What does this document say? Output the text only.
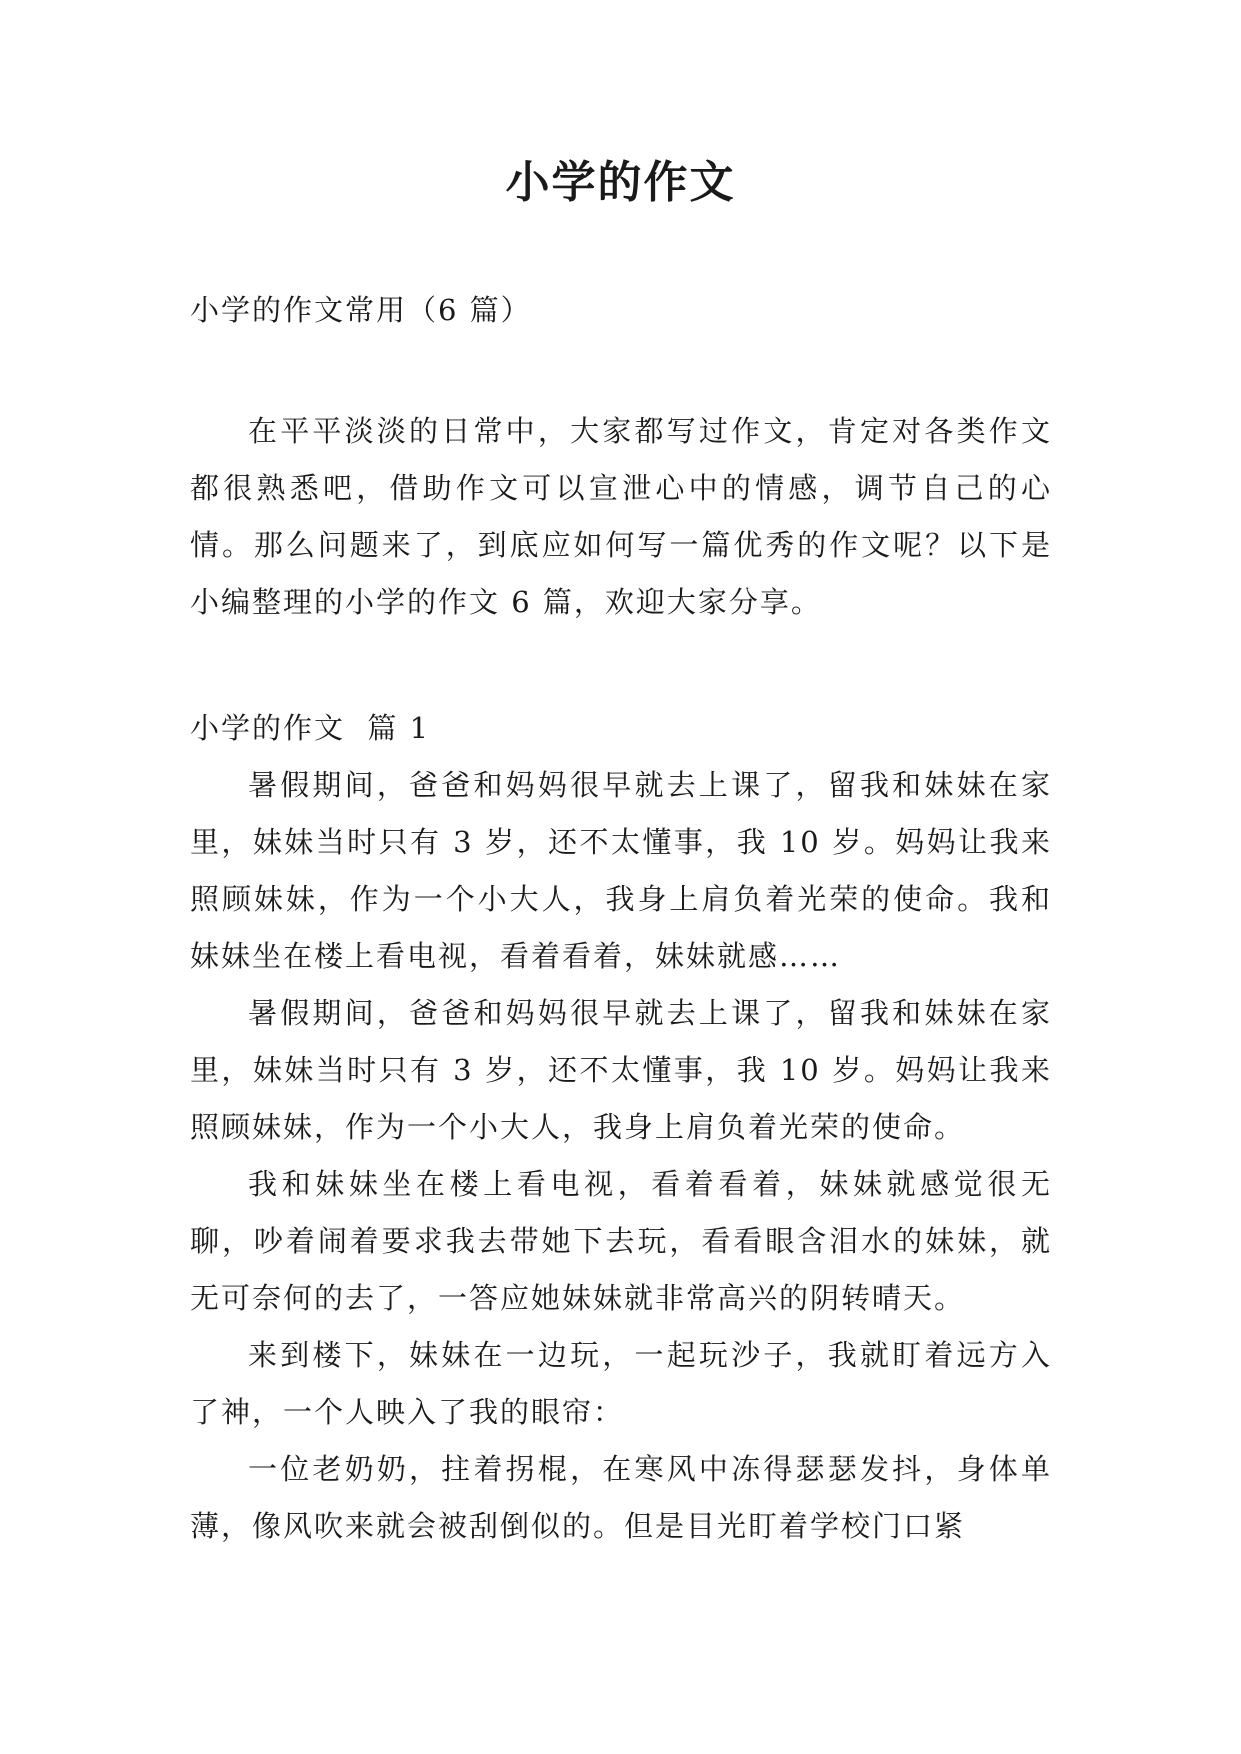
小学的作文
小学的作文常用（6 篇）

在平平淡淡的日常中，大家都写过作文，肯定对各类作文都很熟悉吧，借助作文可以宣泄心中的情感，调节自己的心情。那么问题来了，到底应如何写一篇优秀的作文呢？以下是小编整理的小学的作文 6 篇，欢迎大家分享。

小学的作文  篇 1

暑假期间，爸爸和妈妈很早就去上课了，留我和妹妹在家里，妹妹当时只有 3 岁，还不太懂事，我 10 岁。妈妈让我来照顾妹妹，作为一个小大人，我身上肩负着光荣的使命。我和妹妹坐在楼上看电视，看着看着，妹妹就感……

暑假期间，爸爸和妈妈很早就去上课了，留我和妹妹在家里，妹妹当时只有 3 岁，还不太懂事，我 10 岁。妈妈让我来照顾妹妹，作为一个小大人，我身上肩负着光荣的使命。

我和妹妹坐在楼上看电视，看着看着，妹妹就感觉很无聊，吵着闹着要求我去带她下去玩，看看眼含泪水的妹妹，就无可奈何的去了，一答应她妹妹就非常高兴的阴转晴天。

来到楼下，妹妹在一边玩，一起玩沙子，我就盯着远方入了神，一个人映入了我的眼帘：

一位老奶奶，拄着拐棍，在寒风中冻得瑟瑟发抖，身体单薄，像风吹来就会被刮倒似的。但是目光盯着学校门口紧
